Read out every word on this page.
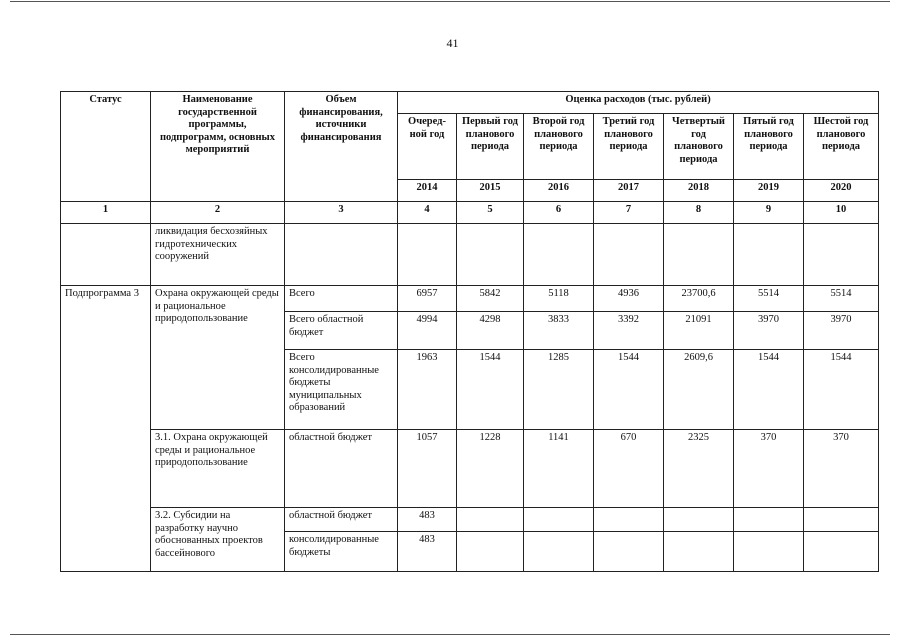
41
Статус	Наименование государственной программы, подпрограмм, основных мероприятий	Объем финансирования, источники финансирования	Оценка расходов (тыс. рублей)						
			Очеред-ной год	Первый год планового периода	Второй год планового периода	Третий год планового периода	Четвертый год планового периода	Пятый год планового периода	Шестой год планового периода
			2014	2015	2016	2017	2018	2019	2020
1	2	3	4	5	6	7	8	9	10
	ликвидация бесхозяйных гидротехнических сооружений								
Подпрограмма 3	Охрана окружающей среды и рациональное природопользование	Всего	6957	5842	5118	4936	23700,6	5514	5514
		Всего областной бюджет	4994	4298	3833	3392	21091	3970	3970
		Всего консолидированные бюджеты муниципальных образований	1963	1544	1285	1544	2609,6	1544	1544
	3.1. Охрана окружающей среды и рациональное природопользование	областной бюджет	1057	1228	1141	670	2325	370	370
	3.2. Субсидии на разработку научно обоснованных проектов бассейнового	областной бюджет	483						
		консолидированные бюджеты	483						
